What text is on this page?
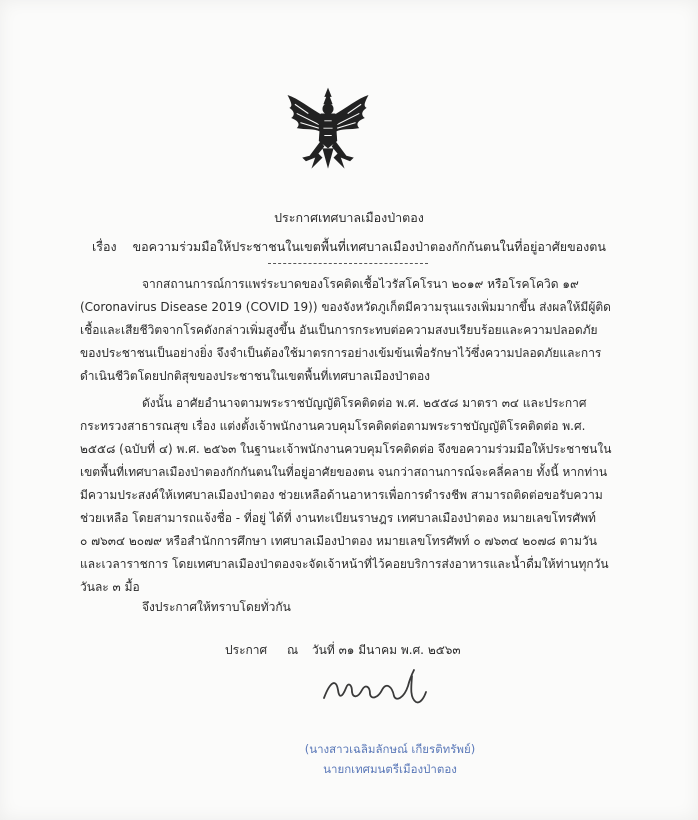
ประกาศเทศบาลเมืองป่าตอง
เรื่อง ขอความร่วมมือให้ประชาชนในเขตพื้นที่เทศบาลเมืองป่าตองกักกันตนในที่อยู่อาศัยของตน
จากสถานการณ์การแพร่ระบาดของโรคติดเชื้อไวรัสโคโรนา ๒๐๑๙ หรือโรคโควิด ๑๙
(Coronavirus Disease 2019 (COVID 19)) ของจังหวัดภูเก็ตมีความรุนแรงเพิ่มมากขึ้น ส่งผลให้มีผู้ติด
เชื้อและเสียชีวิตจากโรคดังกล่าวเพิ่มสูงขึ้น อันเป็นการกระทบต่อความสงบเรียบร้อยและความปลอดภัย
ของประชาชนเป็นอย่างยิ่ง จึงจำเป็นต้องใช้มาตรการอย่างเข้มข้นเพื่อรักษาไว้ซึ่งความปลอดภัยและการ
ดำเนินชีวิตโดยปกติสุขของประชาชนในเขตพื้นที่เทศบาลเมืองป่าตอง
ดังนั้น อาศัยอำนาจตามพระราชบัญญัติโรคติดต่อ พ.ศ. ๒๕๕๘ มาตรา ๓๔ และประกาศ
กระทรวงสาธารณสุข เรื่อง แต่งตั้งเจ้าพนักงานควบคุมโรคติดต่อตามพระราชบัญญัติโรคติดต่อ พ.ศ.
๒๕๕๘ (ฉบับที่ ๔) พ.ศ. ๒๕๖๓ ในฐานะเจ้าพนักงานควบคุมโรคติดต่อ จึงขอความร่วมมือให้ประชาชนใน
เขตพื้นที่เทศบาลเมืองป่าตองกักกันตนในที่อยู่อาศัยของตน จนกว่าสถานการณ์จะคลี่คลาย ทั้งนี้ หากท่าน
มีความประสงค์ให้เทศบาลเมืองป่าตอง ช่วยเหลือด้านอาหารเพื่อการดำรงชีพ สามารถติดต่อขอรับความ
ช่วยเหลือ โดยสามารถแจ้งชื่อ - ที่อยู่ ได้ที่ งานทะเบียนราษฎร เทศบาลเมืองป่าตอง หมายเลขโทรศัพท์
๐ ๗๖๓๔ ๒๐๗๙ หรือสำนักการศึกษา เทศบาลเมืองป่าตอง หมายเลขโทรศัพท์ ๐ ๗๖๓๔ ๒๐๗๘ ตามวัน
และเวลาราชการ โดยเทศบาลเมืองป่าตองจะจัดเจ้าหน้าที่ไว้คอยบริการส่งอาหารและน้ำดื่มให้ท่านทุกวัน
วันละ ๓ มื้อ
จึงประกาศให้ทราบโดยทั่วกัน
ประกาศ ณ วันที่ ๓๑ มีนาคม พ.ศ. ๒๕๖๓
(นางสาวเฉลิมลักษณ์ เกียรติทรัพย์)
นายกเทศมนตรีเมืองป่าตอง
